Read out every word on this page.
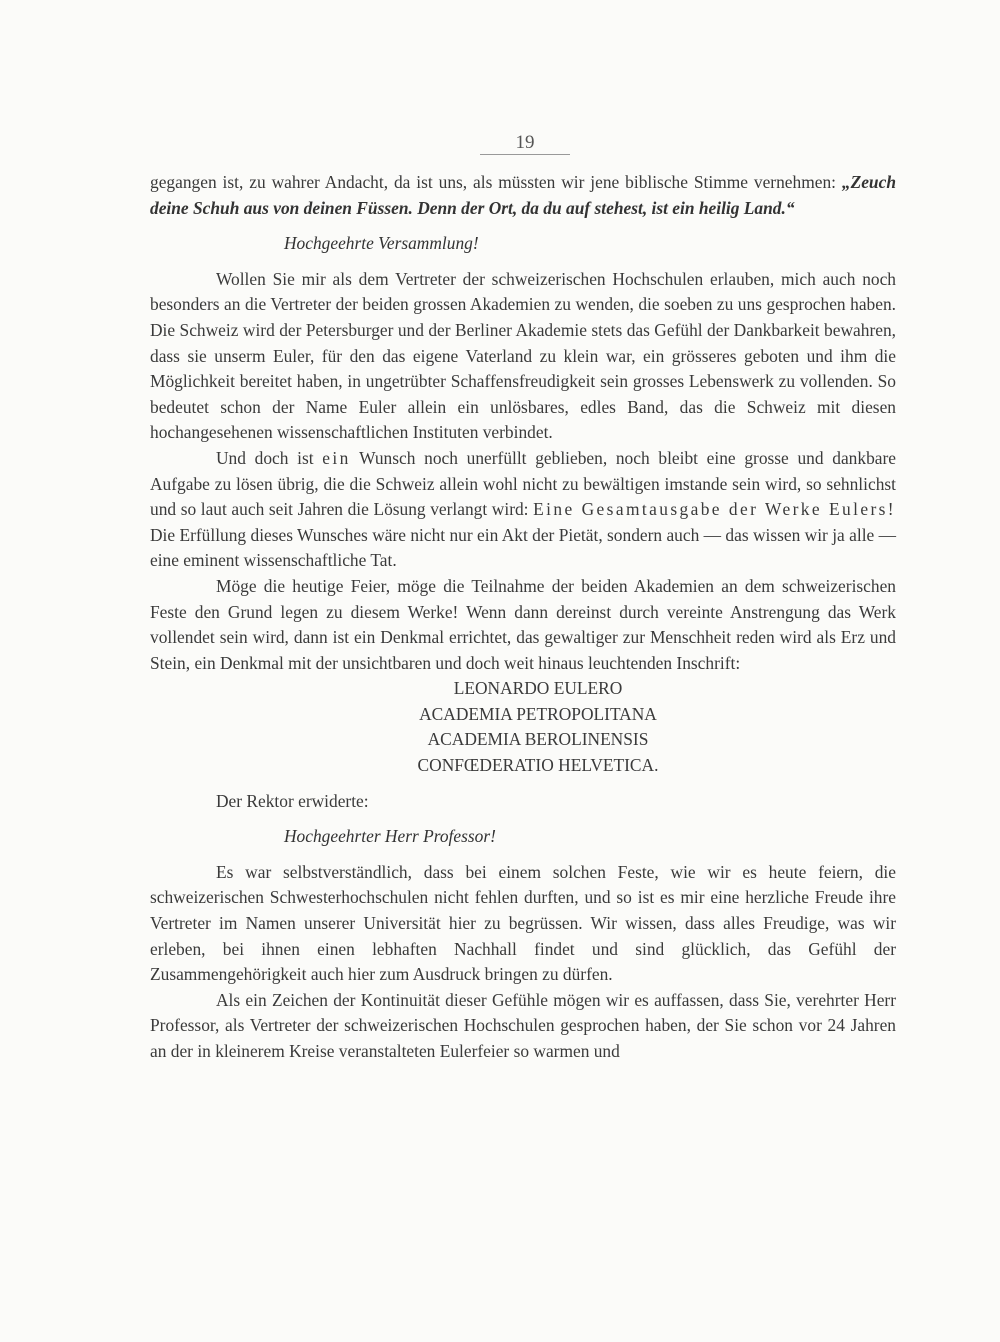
19

gegangen ist, zu wahrer Andacht, da ist uns, als müssten wir jene biblische Stimme vernehmen: „Zeuch deine Schuh aus von deinen Füssen. Denn der Ort, da du auf stehest, ist ein heilig Land.“

Hochgeehrte Versammlung!

Wollen Sie mir als dem Vertreter der schweizerischen Hochschulen erlauben, mich auch noch besonders an die Vertreter der beiden grossen Akademien zu wenden, die soeben zu uns gesprochen haben. Die Schweiz wird der Petersburger und der Berliner Akademie stets das Gefühl der Dankbarkeit bewahren, dass sie unserm Euler, für den das eigene Vaterland zu klein war, ein grösseres geboten und ihm die Möglichkeit bereitet haben, in ungetrübter Schaffensfreudigkeit sein grosses Lebenswerk zu vollenden. So bedeutet schon der Name Euler allein ein unlösbares, edles Band, das die Schweiz mit diesen hochangesehenen wissenschaftlichen Instituten verbindet.

Und doch ist ein Wunsch noch unerfüllt geblieben, noch bleibt eine grosse und dankbare Aufgabe zu lösen übrig, die die Schweiz allein wohl nicht zu bewältigen imstande sein wird, so sehnlichst und so laut auch seit Jahren die Lösung verlangt wird: Eine Gesamtausgabe der Werke Eulers! Die Erfüllung dieses Wunsches wäre nicht nur ein Akt der Pietät, sondern auch — das wissen wir ja alle — eine eminent wissenschaftliche Tat.

Möge die heutige Feier, möge die Teilnahme der beiden Akademien an dem schweizerischen Feste den Grund legen zu diesem Werke! Wenn dann dereinst durch vereinte Anstrengung das Werk vollendet sein wird, dann ist ein Denkmal errichtet, das gewaltiger zur Menschheit reden wird als Erz und Stein, ein Denkmal mit der unsichtbaren und doch weit hinaus leuchtenden Inschrift:

LEONARDO EULERO
ACADEMIA PETROPOLITANA
ACADEMIA BEROLINENSIS
CONFŒDERATIO HELVETICA.

Der Rektor erwiderte:

Hochgeehrter Herr Professor!

Es war selbstverständlich, dass bei einem solchen Feste, wie wir es heute feiern, die schweizerischen Schwesterhochschulen nicht fehlen durften, und so ist es mir eine herzliche Freude ihre Vertreter im Namen unserer Universität hier zu begrüssen. Wir wissen, dass alles Freudige, was wir erleben, bei ihnen einen lebhaften Nachhall findet und sind glücklich, das Gefühl der Zusammengehörigkeit auch hier zum Ausdruck bringen zu dürfen.

Als ein Zeichen der Kontinuität dieser Gefühle mögen wir es auffassen, dass Sie, verehrter Herr Professor, als Vertreter der schweizerischen Hochschulen gesprochen haben, der Sie schon vor 24 Jahren an der in kleinerem Kreise veranstalteten Eulerfeier so warmen und
